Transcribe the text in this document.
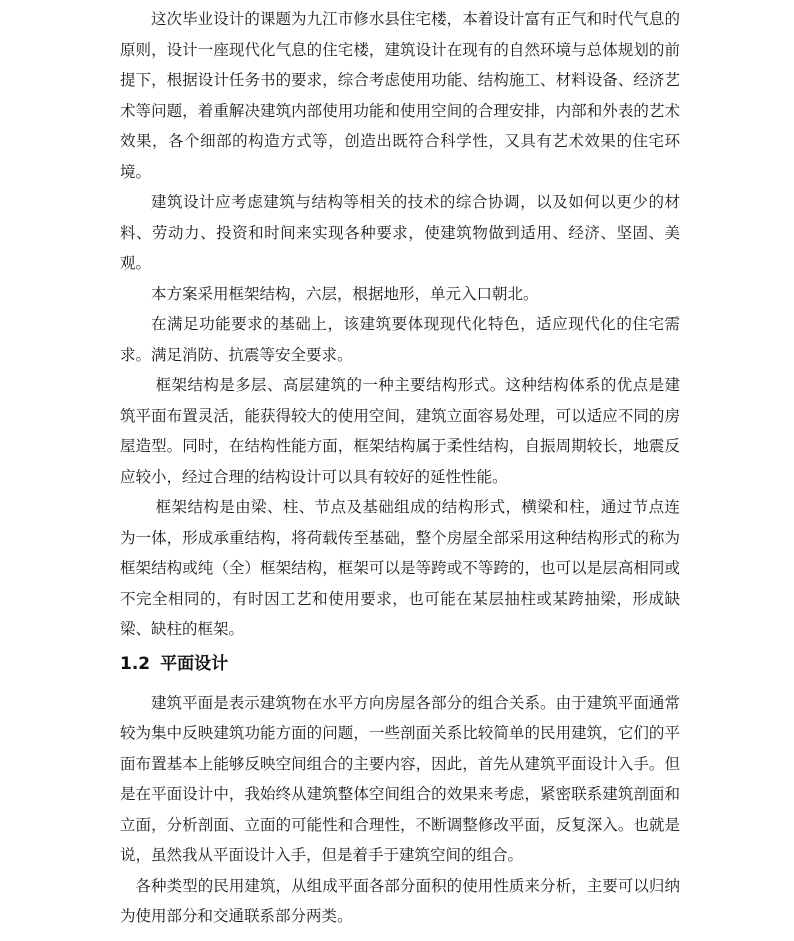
这次毕业设计的课题为九江市修水县住宅楼，本着设计富有正气和时代气息的原则，设计一座现代化气息的住宅楼，建筑设计在现有的自然环境与总体规划的前提下，根据设计任务书的要求，综合考虑使用功能、结构施工、材料设备、经济艺术等问题，着重解决建筑内部使用功能和使用空间的合理安排，内部和外表的艺术效果，各个细部的构造方式等，创造出既符合科学性，又具有艺术效果的住宅环境。

建筑设计应考虑建筑与结构等相关的技术的综合协调，以及如何以更少的材料、劳动力、投资和时间来实现各种要求，使建筑物做到适用、经济、坚固、美观。

本方案采用框架结构，六层，根据地形，单元入口朝北。

在满足功能要求的基础上，该建筑要体现现代化特色，适应现代化的住宅需求。满足消防、抗震等安全要求。

框架结构是多层、高层建筑的一种主要结构形式。这种结构体系的优点是建筑平面布置灵活，能获得较大的使用空间，建筑立面容易处理，可以适应不同的房屋造型。同时，在结构性能方面，框架结构属于柔性结构，自振周期较长，地震反应较小，经过合理的结构设计可以具有较好的延性性能。

框架结构是由梁、柱、节点及基础组成的结构形式，横梁和柱，通过节点连为一体，形成承重结构，将荷载传至基础，整个房屋全部采用这种结构形式的称为框架结构或纯（全）框架结构，框架可以是等跨或不等跨的，也可以是层高相同或不完全相同的，有时因工艺和使用要求，也可能在某层抽柱或某跨抽梁，形成缺梁、缺柱的框架。

1.2 平面设计

建筑平面是表示建筑物在水平方向房屋各部分的组合关系。由于建筑平面通常较为集中反映建筑功能方面的问题，一些剖面关系比较简单的民用建筑，它们的平面布置基本上能够反映空间组合的主要内容，因此，首先从建筑平面设计入手。但是在平面设计中，我始终从建筑整体空间组合的效果来考虑，紧密联系建筑剖面和立面，分析剖面、立面的可能性和合理性，不断调整修改平面，反复深入。也就是说，虽然我从平面设计入手，但是着手于建筑空间的组合。

各种类型的民用建筑，从组成平面各部分面积的使用性质来分析，主要可以归纳为使用部分和交通联系部分两类。
